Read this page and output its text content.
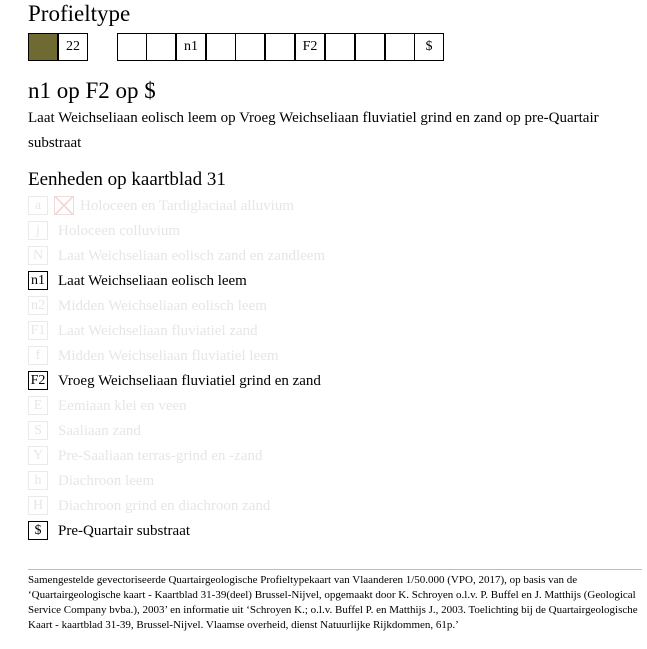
Profieltype
22	n1	F2	$
n1 op F2 op $
Laat Weichseliaan eolisch leem op Vroeg Weichseliaan fluviatiel grind en zand op pre-Quartair substraat
Eenheden op kaartblad 31
a	Holoceen en Tardiglaciaal alluvium
j	Holoceen colluvium
N Laat Weichseliaan eolisch zand en zandleem
n1 Laat Weichseliaan eolisch leem
n2 Midden Weichseliaan eolisch leem
F1 Laat Weichseliaan fluviatiel zand
f	Midden Weichseliaan fluviatiel leem
F2 Vroeg Weichseliaan fluviatiel grind en zand
E	Eemiaan klei en veen
S	Saaliaan zand
Y Pre-Saaliaan terras-grind en -zand
h	Diachroon leem
H Diachroon grind en diachroon zand
$	Pre-Quartair substraat
Samengestelde gevectoriseerde Quartairgeologische Profieltypekaart van Vlaanderen 1/50.000 (VPO, 2017), op basis van de ‘Quartairgeologische kaart - Kaartblad 31-39(deel) Brussel-Nijvel, opgemaakt door K. Schroyen o.l.v. P. Buffel en J. Matthijs (Geological Service Company bvba.), 2003’ en informatie uit ‘Schroyen K.; o.l.v. Buffel P. en Matthijs J., 2003. Toelichting bij de Quartairgeologische Kaart - kaartblad 31-39, Brussel-Nijvel. Vlaamse overheid, dienst Natuurlijke Rijkdommen, 61p.’
